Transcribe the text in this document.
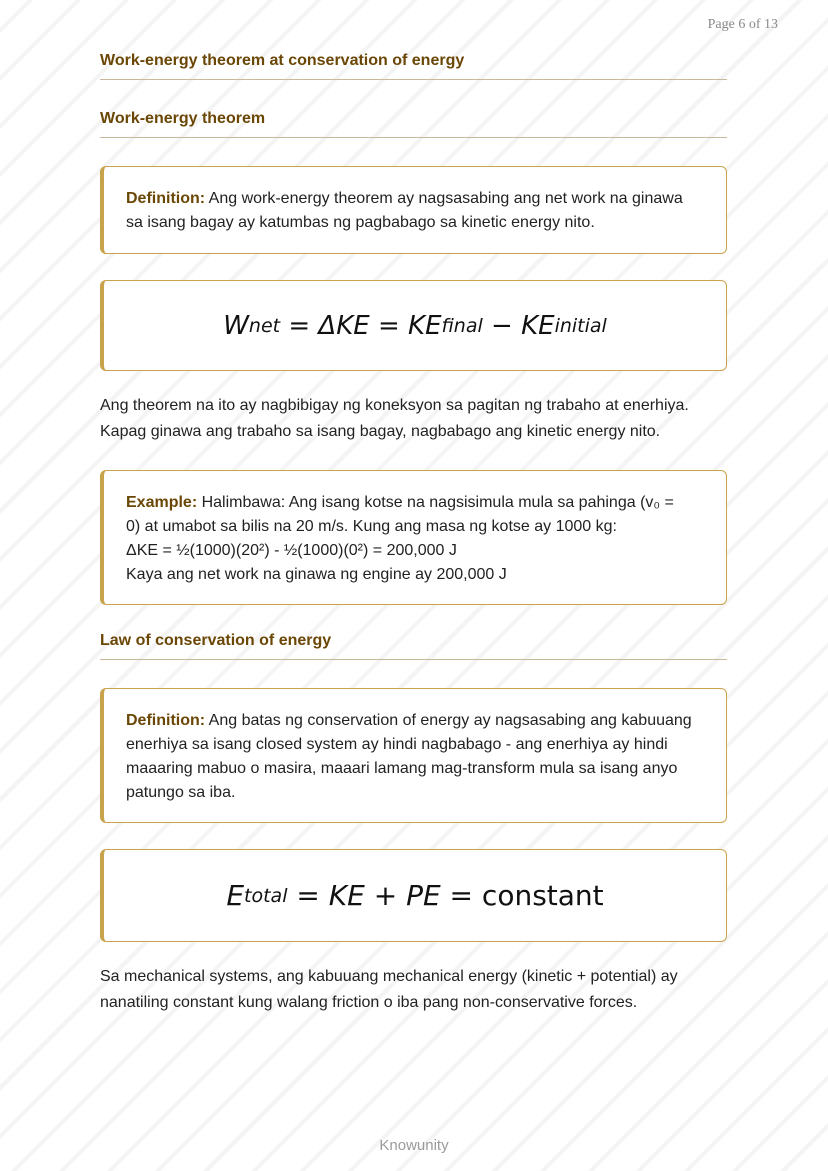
Page 6 of 13
Work-energy theorem at conservation of energy
Work-energy theorem

Definition: Ang work-energy theorem ay nagsasabing ang net work na ginawa
sa isang bagay ay katumbas ng pagbabago sa kinetic energy nito.

W net = ΔKE = KE final − KE initial

Ang theorem na ito ay nagbibigay ng koneksyon sa pagitan ng trabaho at enerhiya.
Kapag ginawa ang trabaho sa isang bagay, nagbabago ang kinetic energy nito.

Example: Halimbawa: Ang isang kotse na nagsisimula mula sa pahinga (v₀ =
0) at umabot sa bilis na 20 m/s. Kung ang masa ng kotse ay 1000 kg:
ΔKE = ½(1000)(20²) - ½(1000)(0²) = 200,000 J
Kaya ang net work na ginawa ng engine ay 200,000 J

Law of conservation of energy

Definition: Ang batas ng conservation of energy ay nagsasabing ang kabuuang
enerhiya sa isang closed system ay hindi nagbabago - ang enerhiya ay hindi
maaaring mabuo o masira, maaari lamang mag-transform mula sa isang anyo
patungo sa iba.

E total = KE + PE = constant

Sa mechanical systems, ang kabuuang mechanical energy (kinetic + potential) ay
nanatiling constant kung walang friction o iba pang non-conservative forces.

Knowunity
